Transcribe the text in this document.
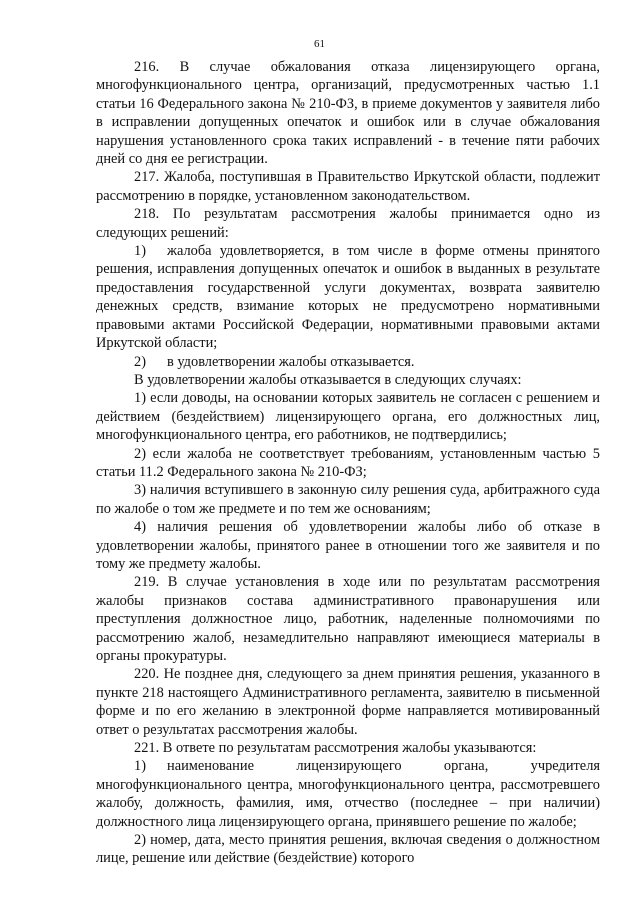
61

216. В случае обжалования отказа лицензирующего органа, многофункционального центра, организаций, предусмотренных частью 1.1 статьи 16 Федерального закона № 210-ФЗ, в приеме документов у заявителя либо в исправлении допущенных опечаток и ошибок или в случае обжалования нарушения установленного срока таких исправлений - в течение пяти рабочих дней со дня ее регистрации.

217. Жалоба, поступившая в Правительство Иркутской области, подлежит рассмотрению в порядке, установленном законодательством.

218. По результатам рассмотрения жалобы принимается одно из следующих решений:

1) жалоба удовлетворяется, в том числе в форме отмены принятого решения, исправления допущенных опечаток и ошибок в выданных в результате предоставления государственной услуги документах, возврата заявителю денежных средств, взимание которых не предусмотрено нормативными правовыми актами Российской Федерации, нормативными правовыми актами Иркутской области;

2) в удовлетворении жалобы отказывается.

В удовлетворении жалобы отказывается в следующих случаях:

1) если доводы, на основании которых заявитель не согласен с решением и действием (бездействием) лицензирующего органа, его должностных лиц, многофункционального центра, его работников, не подтвердились;

2) если жалоба не соответствует требованиям, установленным частью 5 статьи 11.2 Федерального закона № 210-ФЗ;

3) наличия вступившего в законную силу решения суда, арбитражного суда по жалобе о том же предмете и по тем же основаниям;

4) наличия решения об удовлетворении жалобы либо об отказе в удовлетворении жалобы, принятого ранее в отношении того же заявителя и по тому же предмету жалобы.

219. В случае установления в ходе или по результатам рассмотрения жалобы признаков состава административного правонарушения или преступления должностное лицо, работник, наделенные полномочиями по рассмотрению жалоб, незамедлительно направляют имеющиеся материалы в органы прокуратуры.

220. Не позднее дня, следующего за днем принятия решения, указанного в пункте 218 настоящего Административного регламента, заявителю в письменной форме и по его желанию в электронной форме направляется мотивированный ответ о результатах рассмотрения жалобы.

221. В ответе по результатам рассмотрения жалобы указываются:

1) наименование лицензирующего органа, учредителя многофункционального центра, многофункционального центра, рассмотревшего жалобу, должность, фамилия, имя, отчество (последнее – при наличии) должностного лица лицензирующего органа, принявшего решение по жалобе;

2) номер, дата, место принятия решения, включая сведения о должностном лице, решение или действие (бездействие) которого
